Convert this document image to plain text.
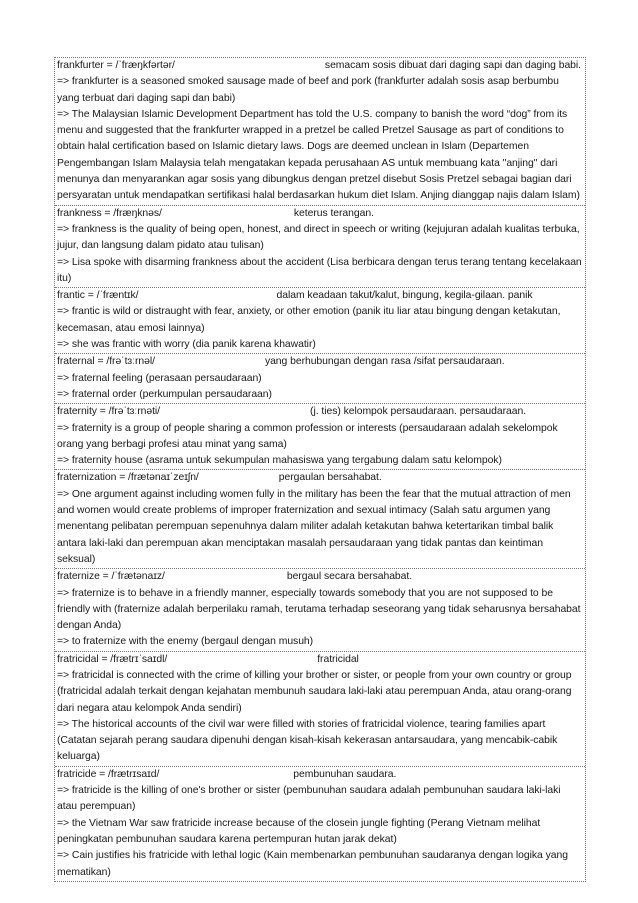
frankfurter = /ˈfræŋkfərtər/	semacam sosis dibuat dari daging sapi dan daging babi.
=> frankfurter is a seasoned smoked sausage made of beef and pork (frankfurter adalah sosis asap berbumbu yang terbuat dari daging sapi dan babi)
=> The Malaysian Islamic Development Department has told the U.S. company to banish the word “dog” from its menu and suggested that the frankfurter wrapped in a pretzel be called Pretzel Sausage as part of conditions to obtain halal certification based on Islamic dietary laws. Dogs are deemed unclean in Islam (Departemen Pengembangan Islam Malaysia telah mengatakan kepada perusahaan AS untuk membuang kata "anjing" dari menunya dan menyarankan agar sosis yang dibungkus dengan pretzel disebut Sosis Pretzel sebagai bagian dari persyaratan untuk mendapatkan sertifikasi halal berdasarkan hukum diet Islam. Anjing dianggap najis dalam Islam)
frankness = /fræŋknəs/	keterus terangan.
=> frankness is the quality of being open, honest, and direct in speech or writing (kejujuran adalah kualitas terbuka, jujur, dan langsung dalam pidato atau tulisan)
=> Lisa spoke with disarming frankness about the accident (Lisa berbicara dengan terus terang tentang kecelakaan itu)
frantic = /ˈfræntɪk/	dalam keadaan takut/kalut, bingung, kegila-gilaan. panik
=> frantic is wild or distraught with fear, anxiety, or other emotion (panik itu liar atau bingung dengan ketakutan, kecemasan, atau emosi lainnya)
=> she was frantic with worry (dia panik karena khawatir)
fraternal = /frəˈtɜːrnəl/	yang berhubungan dengan rasa /sifat persaudaraan.
=> fraternal feeling (perasaan persaudaraan)
=> fraternal order (perkumpulan persaudaraan)
fraternity = /frəˈtɜːrnəti/	(j. ties) kelompok persaudaraan. persaudaraan.
=> fraternity is a group of people sharing a common profession or interests (persaudaraan adalah sekelompok orang yang berbagi profesi atau minat yang sama)
=> fraternity house (asrama untuk sekumpulan mahasiswa yang tergabung dalam satu kelompok)
fraternization = /frætənaɪˈzeɪʃn/	pergaulan bersahabat.
=> One argument against including women fully in the military has been the fear that the mutual attraction of men and women would create problems of improper fraternization and sexual intimacy (Salah satu argumen yang menentang pelibatan perempuan sepenuhnya dalam militer adalah ketakutan bahwa ketertarikan timbal balik antara laki-laki dan perempuan akan menciptakan masalah persaudaraan yang tidak pantas dan keintiman seksual)
fraternize = /ˈfrætənaɪz/	bergaul secara bersahabat.
=> fraternize is to behave in a friendly manner, especially towards somebody that you are not supposed to be friendly with (fraternize adalah berperilaku ramah, terutama terhadap seseorang yang tidak seharusnya bersahabat dengan Anda)
=> to fraternize with the enemy (bergaul dengan musuh)
fratricidal = /frætrɪˈsaɪdl/	fratricidal
=> fratricidal is connected with the crime of killing your brother or sister, or people from your own country or group (fratricidal adalah terkait dengan kejahatan membunuh saudara laki-laki atau perempuan Anda, atau orang-orang dari negara atau kelompok Anda sendiri)
=> The historical accounts of the civil war were filled with stories of fratricidal violence, tearing families apart (Catatan sejarah perang saudara dipenuhi dengan kisah-kisah kekerasan antarsaudara, yang mencabik-cabik keluarga)
fratricide = /frætrɪsaɪd/	pembunuhan saudara.
=> fratricide is the killing of one's brother or sister (pembunuhan saudara adalah pembunuhan saudara laki-laki atau perempuan)
=> the Vietnam War saw fratricide increase because of the closein jungle fighting (Perang Vietnam melihat peningkatan pembunuhan saudara karena pertempuran hutan jarak dekat)
=> Cain justifies his fratricide with lethal logic (Kain membenarkan pembunuhan saudaranya dengan logika yang mematikan)
